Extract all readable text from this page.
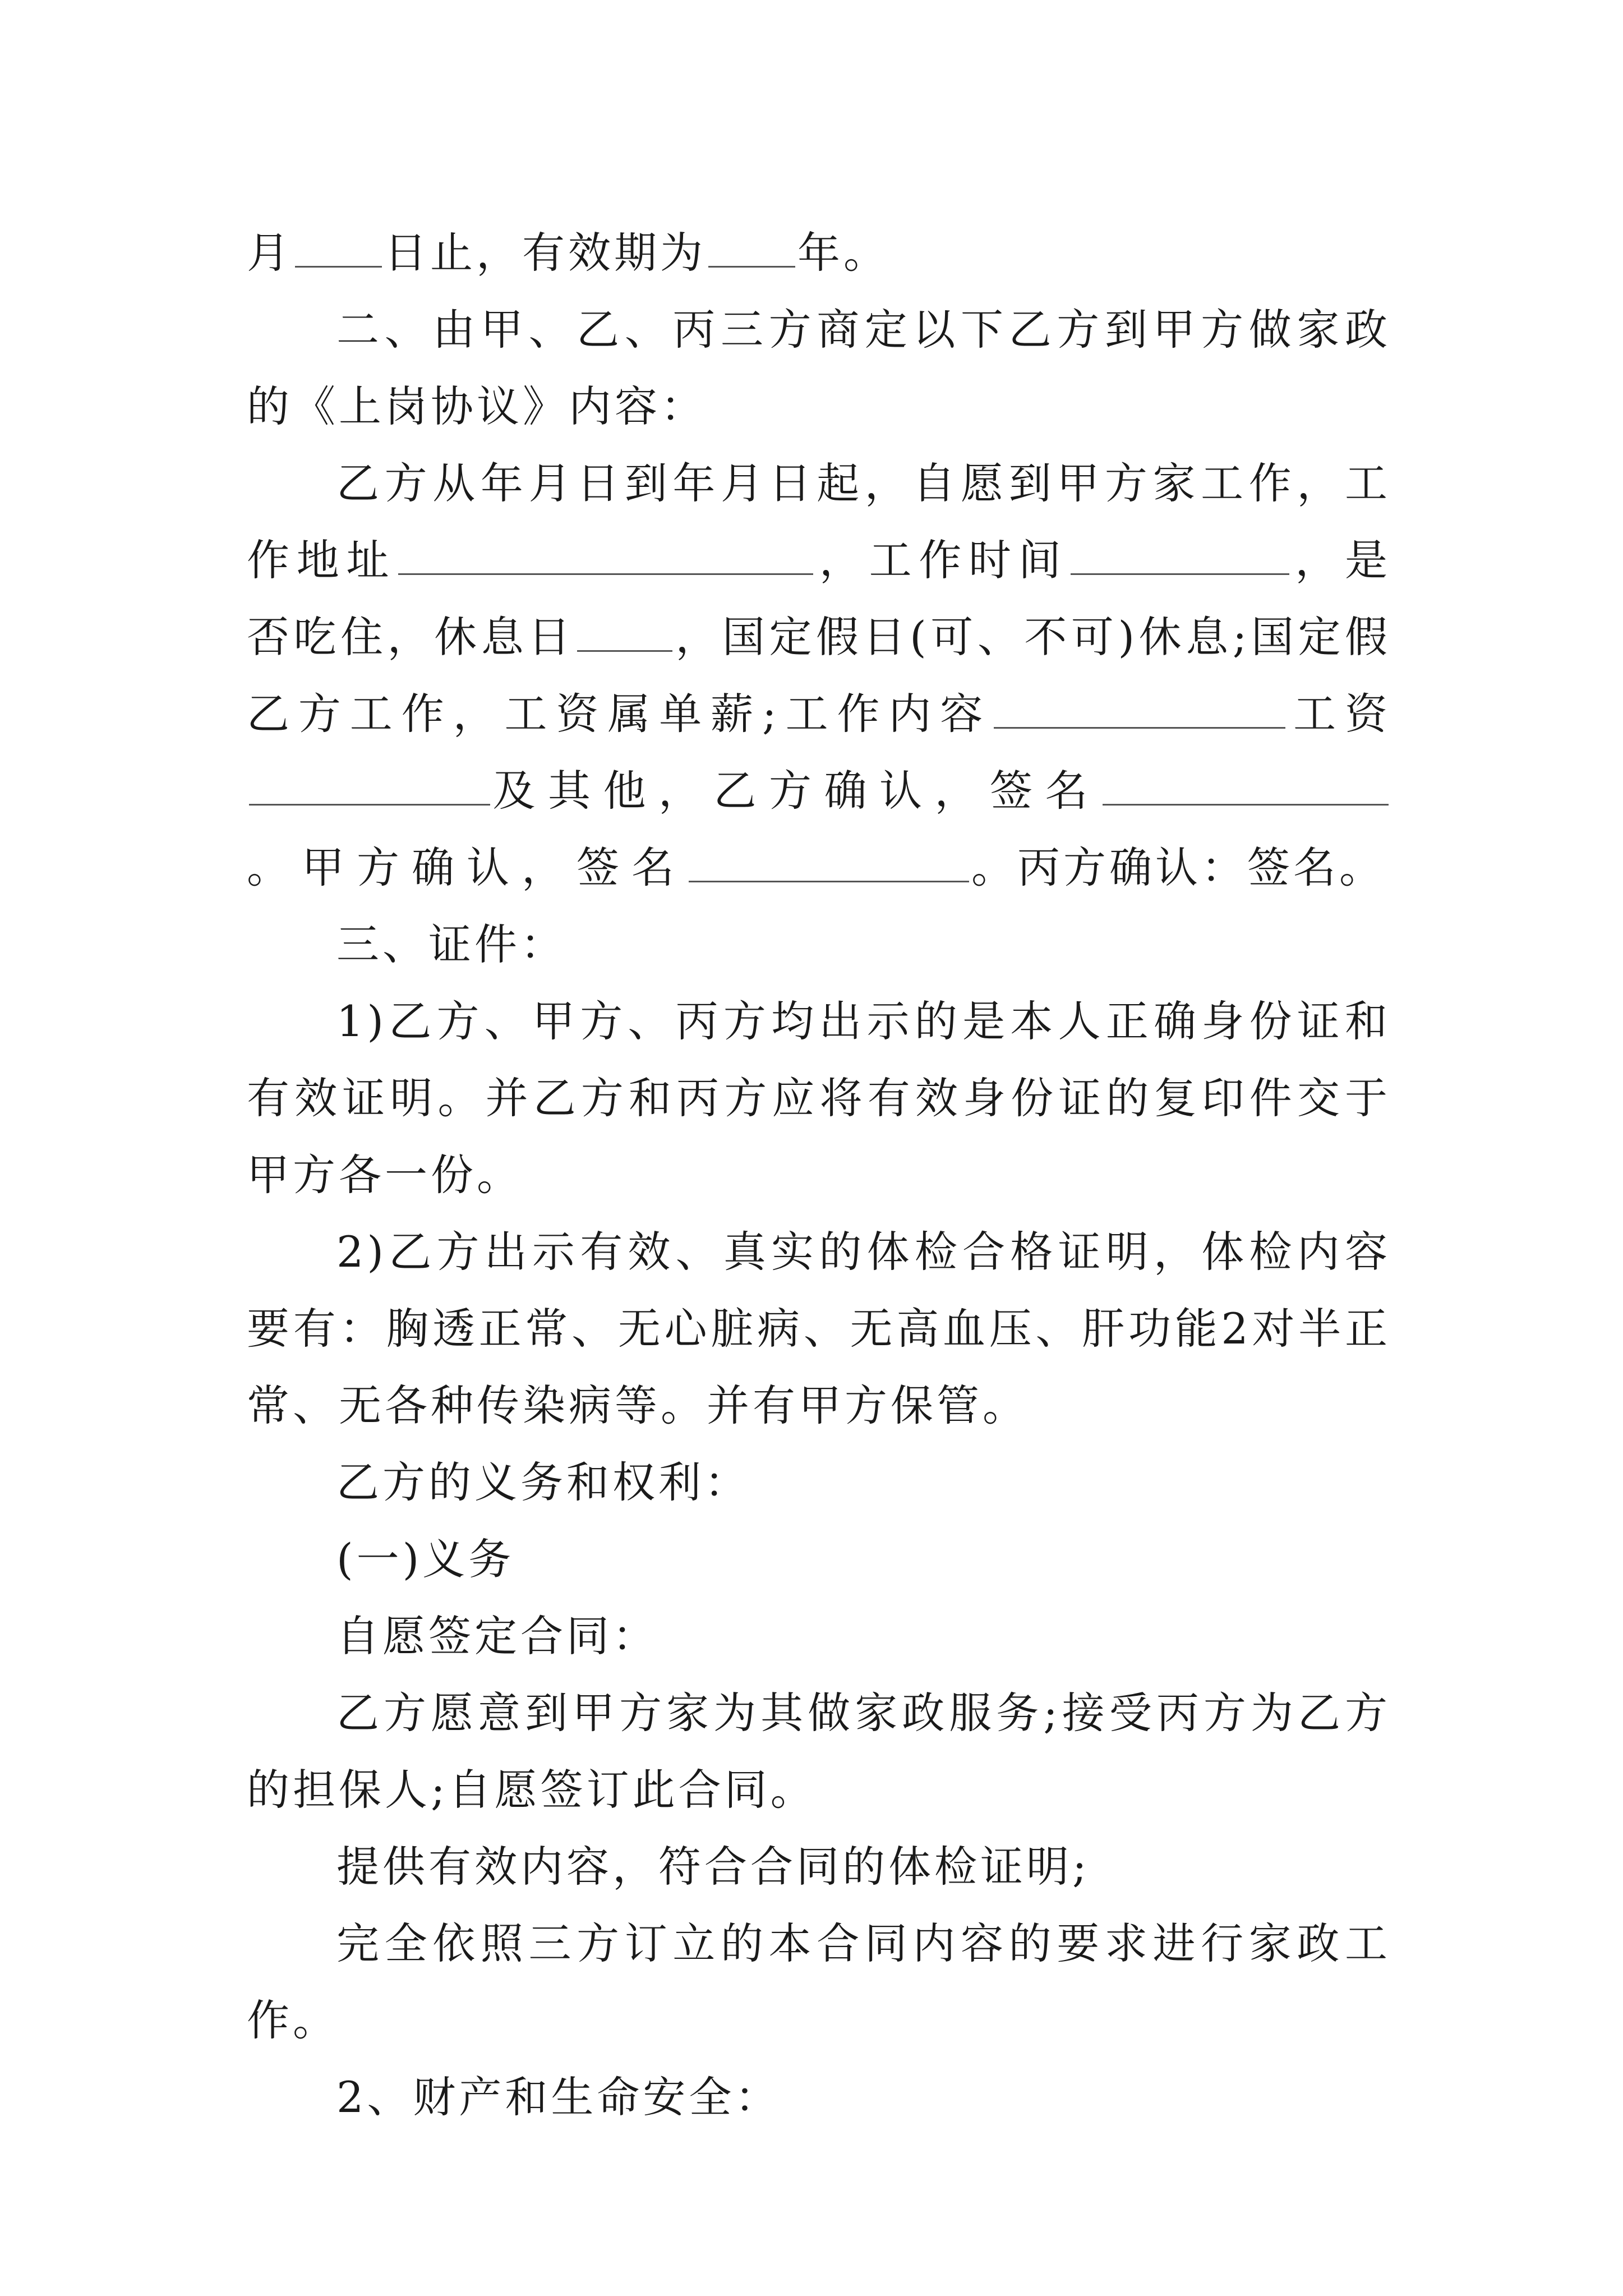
月 日止，有效期为 年。

二、由甲、乙、丙三方商定以下乙方到甲方做家政的《上岗协议》内容：

乙方从年月日到年月日起，自愿到甲方家工作，工作地址	，工作时间	，是否吃住，休息日 ，国定假日(可、不可)休息;国定假乙方工作，工资属单薪;工作内容	工资及其他，乙方确认，签名。甲方确认，签名	。丙方确认：签名。

三、证件：

1)乙方、甲方、丙方均出示的是本人正确身份证和有效证明。并乙方和丙方应将有效身份证的复印件交于甲方各一份。

2)乙方出示有效、真实的体检合格证明，体检内容要有：胸透正常、无心脏病、无高血压、肝功能2对半正常、无各种传染病等。并有甲方保管。

乙方的义务和权利：

(一)义务

自愿签定合同：

乙方愿意到甲方家为其做家政服务;接受丙方为乙方的担保人;自愿签订此合同。

提供有效内容，符合合同的体检证明;

完全依照三方订立的本合同内容的要求进行家政工作。

2、财产和生命安全：
